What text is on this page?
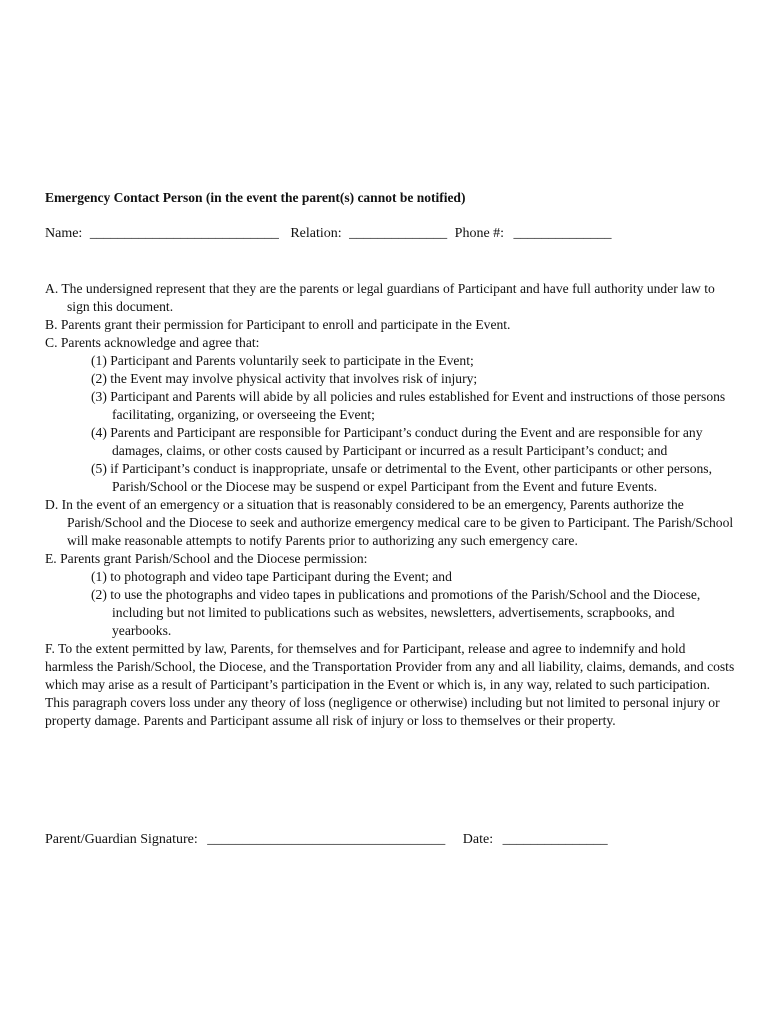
Emergency Contact Person (in the event the parent(s) cannot be notified)
Name: ___________________________ Relation: ______________ Phone #: ______________

A. The undersigned represent that they are the parents or legal guardians of Participant and have full authority under law to sign this document.

B. Parents grant their permission for Participant to enroll and participate in the Event.

C. Parents acknowledge and agree that:

(1) Participant and Parents voluntarily seek to participate in the Event;

(2) the Event may involve physical activity that involves risk of injury;

(3) Participant and Parents will abide by all policies and rules established for Event and instructions of those persons facilitating, organizing, or overseeing the Event;

(4) Parents and Participant are responsible for Participant’s conduct during the Event and are responsible for any damages, claims, or other costs caused by Participant or incurred as a result Participant’s conduct; and

(5) if Participant’s conduct is inappropriate, unsafe or detrimental to the Event, other participants or other persons, Parish/School or the Diocese may be suspend or expel Participant from the Event and future Events.

D. In the event of an emergency or a situation that is reasonably considered to be an emergency, Parents authorize the Parish/School and the Diocese to seek and authorize emergency medical care to be given to Participant. The Parish/School will make reasonable attempts to notify Parents prior to authorizing any such emergency care.

E. Parents grant Parish/School and the Diocese permission:

(1) to photograph and video tape Participant during the Event; and

(2) to use the photographs and video tapes in publications and promotions of the Parish/School and the Diocese, including but not limited to publications such as websites, newsletters, advertisements, scrapbooks, and yearbooks.

F. To the extent permitted by law, Parents, for themselves and for Participant, release and agree to indemnify and hold harmless the Parish/School, the Diocese, and the Transportation Provider from any and all liability, claims, demands, and costs which may arise as a result of Participant’s participation in the Event or which is, in any way, related to such participation. This paragraph covers loss under any theory of loss (negligence or otherwise) including but not limited to personal injury or property damage. Parents and Participant assume all risk of injury or loss to themselves or their property.

Parent/Guardian Signature: __________________________________ Date: _______________
